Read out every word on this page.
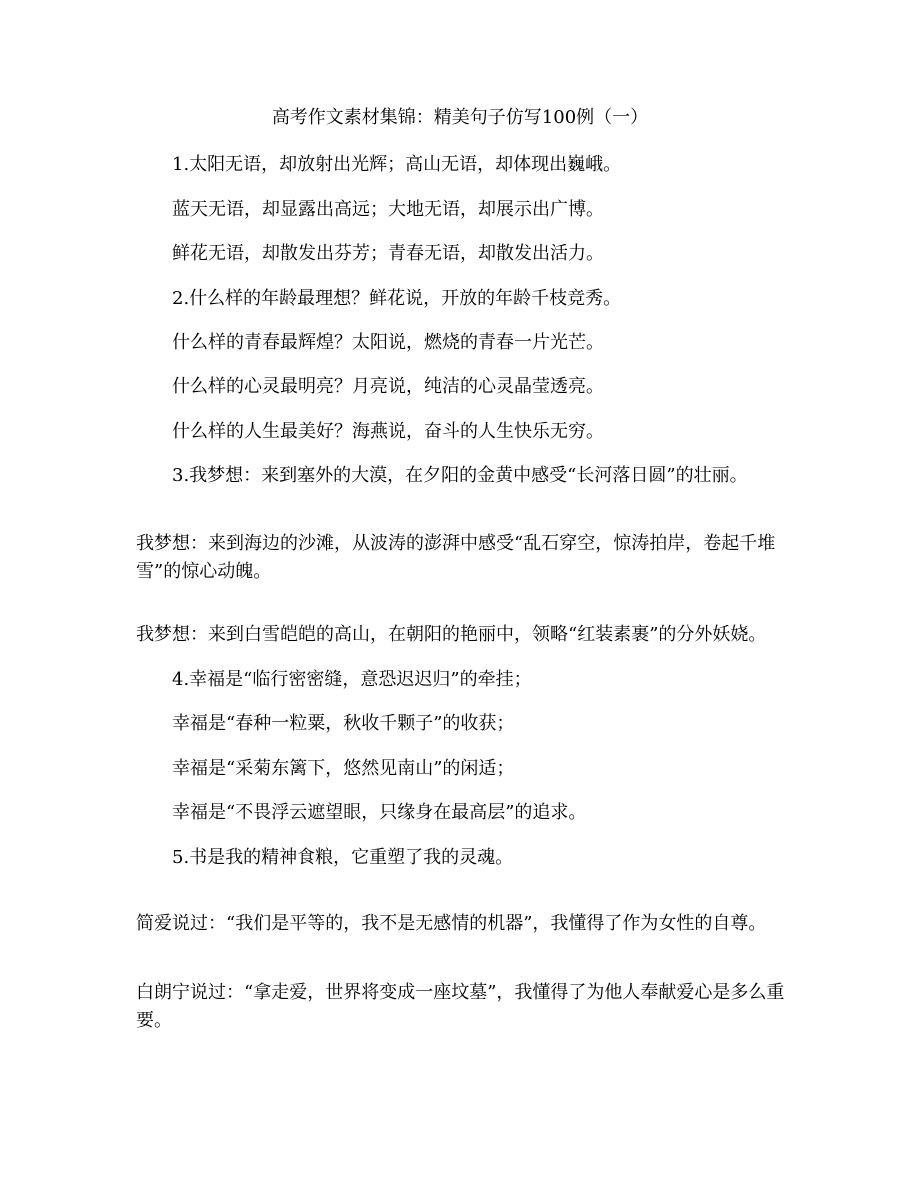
高考作文素材集锦：精美句子仿写100例（一）
1.太阳无语，却放射出光辉；高山无语，却体现出巍峨。
蓝天无语，却显露出高远；大地无语，却展示出广博。
鲜花无语，却散发出芬芳；青春无语，却散发出活力。
2.什么样的年龄最理想？鲜花说，开放的年龄千枝竞秀。
什么样的青春最辉煌？太阳说，燃烧的青春一片光芒。
什么样的心灵最明亮？月亮说，纯洁的心灵晶莹透亮。
什么样的人生最美好？海燕说，奋斗的人生快乐无穷。
3.我梦想：来到塞外的大漠，在夕阳的金黄中感受“长河落日圆”的壮丽。
我梦想：来到海边的沙滩，从波涛的澎湃中感受“乱石穿空，惊涛拍岸，卷起千堆雪”的惊心动魄。
我梦想：来到白雪皑皑的高山，在朝阳的艳丽中，领略“红装素裹”的分外妖娆。
4.幸福是“临行密密缝，意恐迟迟归”的牵挂；
幸福是“春种一粒粟，秋收千颗子”的收获；
幸福是“采菊东篱下，悠然见南山”的闲适；
幸福是“不畏浮云遮望眼，只缘身在最高层”的追求。
5.书是我的精神食粮，它重塑了我的灵魂。
简爱说过：“我们是平等的，我不是无感情的机器”，我懂得了作为女性的自尊。
白朗宁说过：“拿走爱，世界将变成一座坟墓”，我懂得了为他人奉献爱心是多么重要。
